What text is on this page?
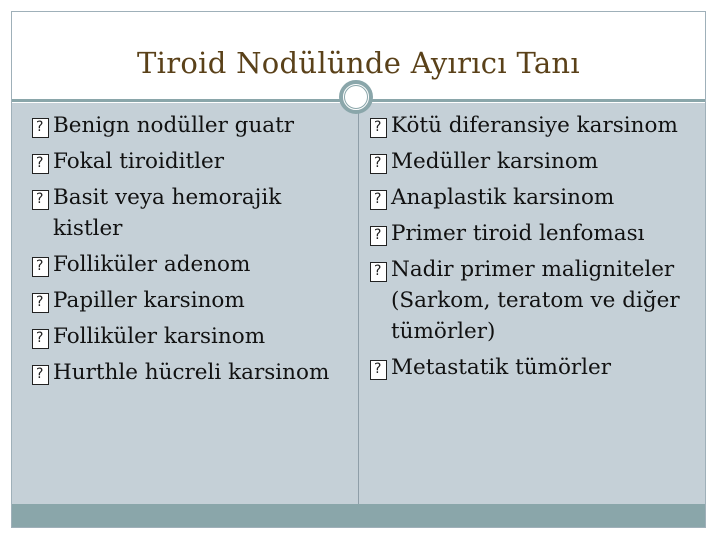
Tiroid Nodülünde Ayırıcı Tanı
?
Benign nodüller guatr
?
Fokal tiroiditler
?
Basit veya hemorajik kistler
?
Folliküler adenom
?
Papiller karsinom
?
Folliküler karsinom
?
Hurthle hücreli karsinom
?
Kötü diferansiye karsinom
?
Medüller karsinom
?
Anaplastik karsinom
?
Primer tiroid lenfoması
?
Nadir primer maligniteler (Sarkom, teratom ve diğer tümörler)
?
Metastatik tümörler
